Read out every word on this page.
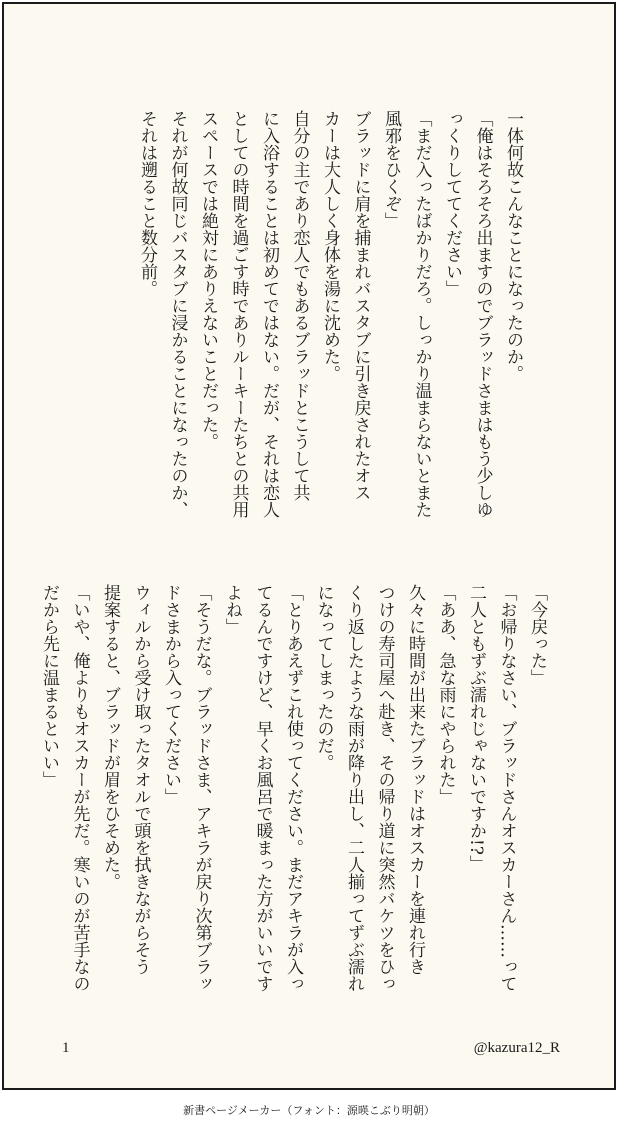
一体何故こんなことになったのか。

「俺はそろそろ出ますのでブラッドさまはもう少しゆ

っくりしててください」

「まだ入ったばかりだろ。しっかり温まらないとまた

風邪をひくぞ」

ブラッドに肩を捕まれバスタブに引き戻されたオス

カーは大人しく身体を湯に沈めた。

自分の主であり恋人でもあるブラッドとこうして共

に入浴することは初めてではない。だが、それは恋人

としての時間を過ごす時でありルーキーたちとの共用

スペースでは絶対にありえないことだった。

それが何故同じバスタブに浸かることになったのか、

それは遡ること数分前。

「今戻った」

「お帰りなさい、ブラッドさんオスカーさん……って

二人ともずぶ濡れじゃないですか!?」

「ああ、急な雨にやられた」

久々に時間が出来たブラッドはオスカーを連れ行き

つけの寿司屋へ赴き、その帰り道に突然バケツをひっ

くり返したような雨が降り出し、二人揃ってずぶ濡れ

になってしまったのだ。

「とりあえずこれ使ってください。まだアキラが入っ

てるんですけど、早くお風呂で暖まった方がいいです

よね」

「そうだな。ブラッドさま、アキラが戻り次第ブラッ

ドさまから入ってください」

ウィルから受け取ったタオルで頭を拭きながらそう

提案すると、ブラッドが眉をひそめた。

「いや、俺よりもオスカーが先だ。寒いのが苦手なの

だから先に温まるといい」

1	@kazura12_R
新書ページメーカー（フォント：源暎こぶり明朝）
